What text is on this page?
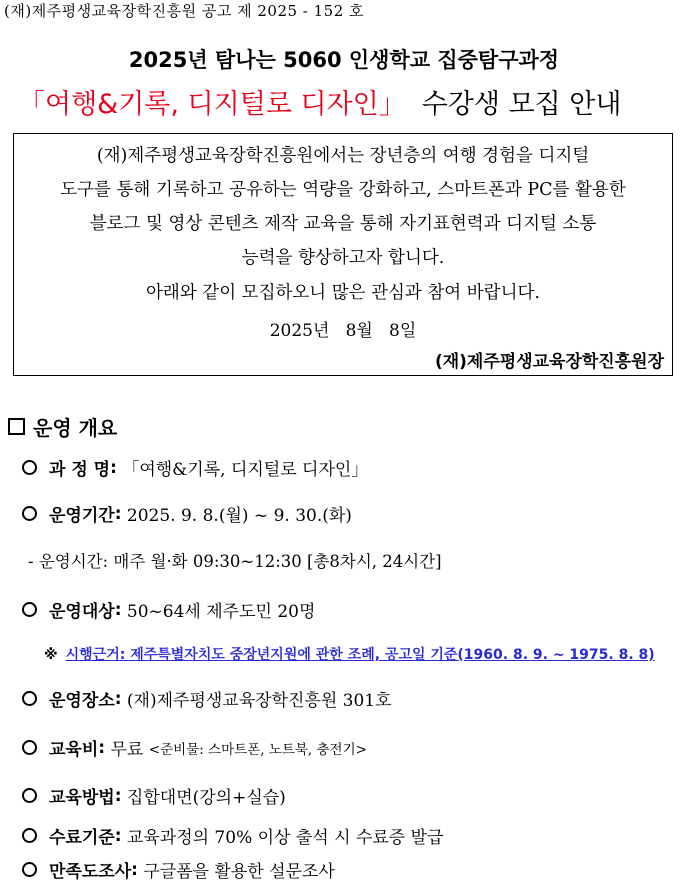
(재)제주평생교육장학진흥원 공고 제 2025 - 152 호
2025년 탐나는 5060 인생학교 집중탐구과정
「여행&기록, 디지털로 디자인」 수강생 모집 안내
(재)제주평생교육장학진흥원에서는 장년층의 여행 경험을 디지털
도구를 통해 기록하고 공유하는 역량을 강화하고, 스마트폰과 PC를 활용한
블로그 및 영상 콘텐츠 제작 교육을 통해 자기표현력과 디지털 소통
능력을 향상하고자 합니다.
아래와 같이 모집하오니 많은 관심과 참여 바랍니다.
2025년   8월   8일
(재)제주평생교육장학진흥원장
운영 개요
과 정 명 :
「여행&기록, 디지털로 디자인」
운영기간 :
2025. 9. 8.(월) ~ 9. 30.(화)
- 운영시간: 매주 월·화 09:30~12:30 [총8차시, 24시간]
운영대상 :
50~64세 제주도민 20명
※ 시행근거: 제주특별자치도 중장년지원에 관한 조례, 공고일 기준(1960. 8. 9. ~ 1975. 8. 8)
운영장소 :
(재)제주평생교육장학진흥원 301호
교육비 :
무료
<준비물: 스마트폰, 노트북, 충전기>
교육방법 :
집합대면(강의+실습)
수료기준 :
교육과정의 70% 이상 출석 시 수료증 발급
만족도조사 :
구글폼을 활용한 설문조사
